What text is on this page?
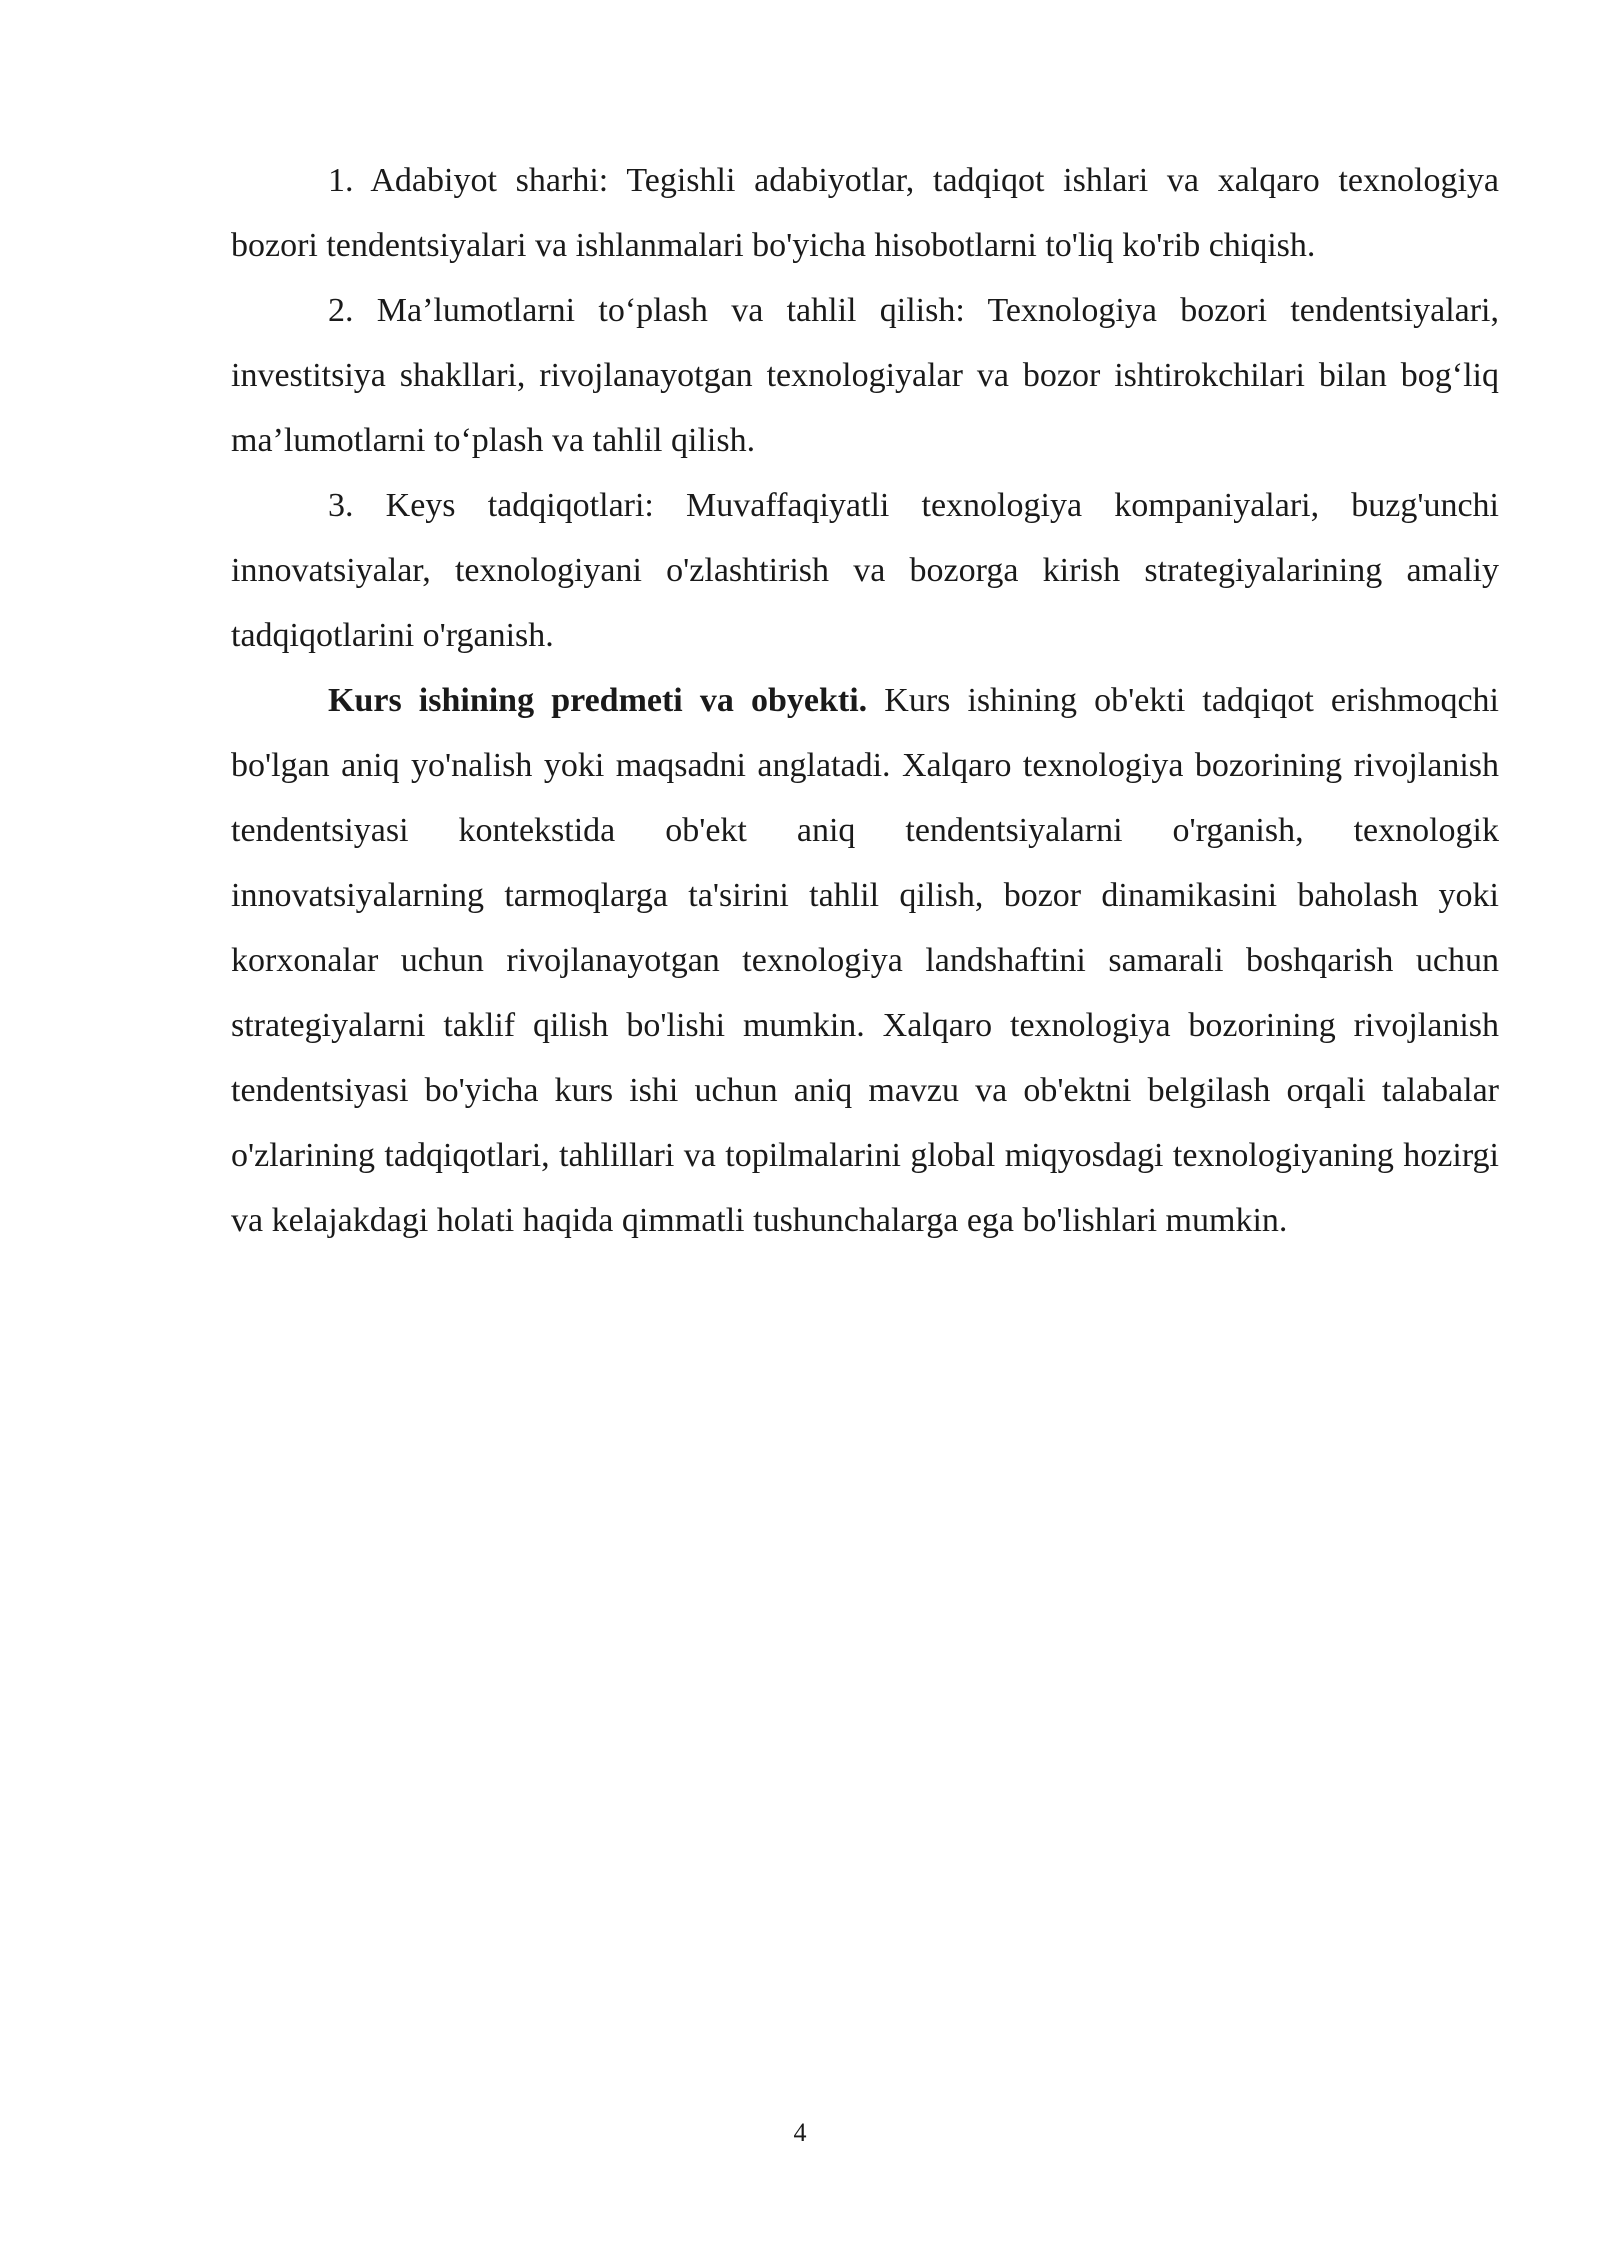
1. Adabiyot sharhi: Tegishli adabiyotlar, tadqiqot ishlari va xalqaro texnologiya bozori tendentsiyalari va ishlanmalari bo'yicha hisobotlarni to'liq ko'rib chiqish.

2. Ma’lumotlarni to‘plash va tahlil qilish: Texnologiya bozori tendentsiyalari, investitsiya shakllari, rivojlanayotgan texnologiyalar va bozor ishtirokchilari bilan bog‘liq ma’lumotlarni to‘plash va tahlil qilish.

3. Keys tadqiqotlari: Muvaffaqiyatli texnologiya kompaniyalari, buzg'unchi innovatsiyalar, texnologiyani o'zlashtirish va bozorga kirish strategiyalarining amaliy tadqiqotlarini o'rganish.

Kurs ishining predmeti va obyekti. Kurs ishining ob'ekti tadqiqot erishmoqchi bo'lgan aniq yo'nalish yoki maqsadni anglatadi. Xalqaro texnologiya bozorining rivojlanish tendentsiyasi kontekstida ob'ekt aniq tendentsiyalarni o'rganish, texnologik innovatsiyalarning tarmoqlarga ta'sirini tahlil qilish, bozor dinamikasini baholash yoki korxonalar uchun rivojlanayotgan texnologiya landshaftini samarali boshqarish uchun strategiyalarni taklif qilish bo'lishi mumkin. Xalqaro texnologiya bozorining rivojlanish tendentsiyasi bo'yicha kurs ishi uchun aniq mavzu va ob'ektni belgilash orqali talabalar o'zlarining tadqiqotlari, tahlillari va topilmalarini global miqyosdagi texnologiyaning hozirgi va kelajakdagi holati haqida qimmatli tushunchalarga ega bo'lishlari mumkin.

4
